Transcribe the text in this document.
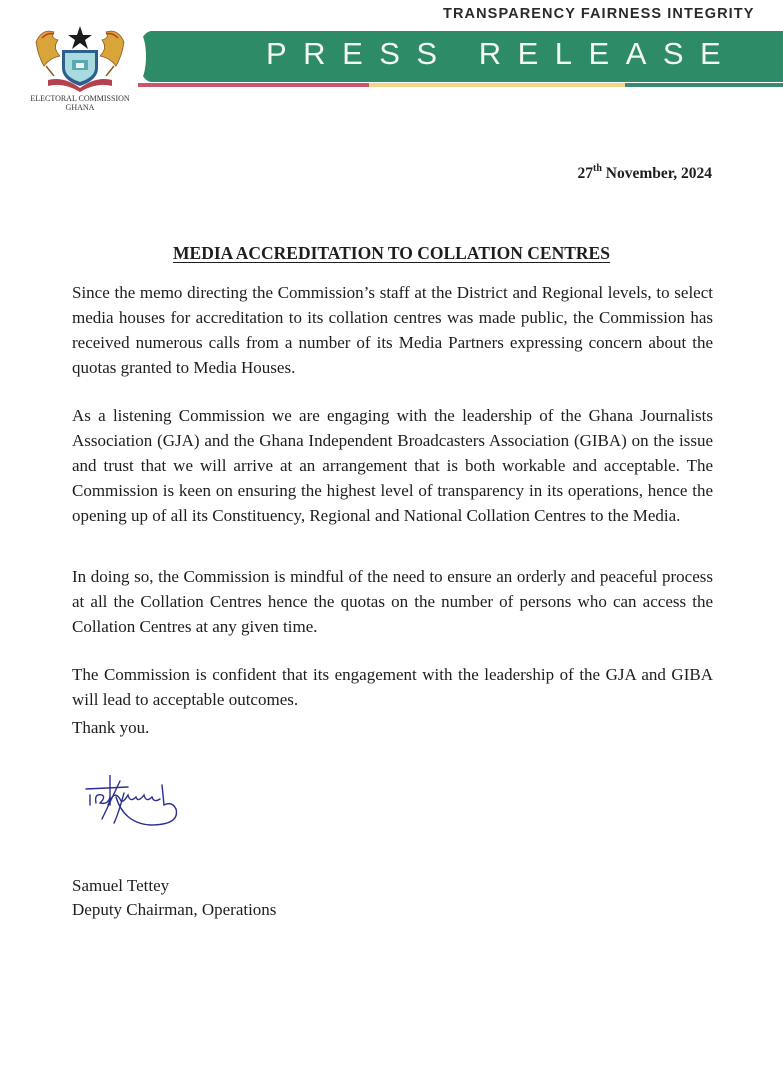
TRANSPARENCY FAIRNESS INTEGRITY
PRESS RELEASE
ELECTORAL COMMISSION
GHANA
27th November, 2024
MEDIA ACCREDITATION TO COLLATION CENTRES

Since the memo directing the Commission’s staff at the District and Regional levels, to select media houses for accreditation to its collation centres was made public, the Commission has received numerous calls from a number of its Media Partners expressing concern about the quotas granted to Media Houses.

As a listening Commission we are engaging with the leadership of the Ghana Journalists Association (GJA) and the Ghana Independent Broadcasters Association (GIBA) on the issue and trust that we will arrive at an arrangement that is both workable and acceptable. The Commission is keen on ensuring the highest level of transparency in its operations, hence the opening up of all its Constituency, Regional and National Collation Centres to the Media.

In doing so, the Commission is mindful of the need to ensure an orderly and peaceful process at all the Collation Centres hence the quotas on the number of persons who can access the Collation Centres at any given time.

The Commission is confident that its engagement with the leadership of the GJA and GIBA will lead to acceptable outcomes.

Thank you.

Samuel Tettey
Deputy Chairman, Operations
